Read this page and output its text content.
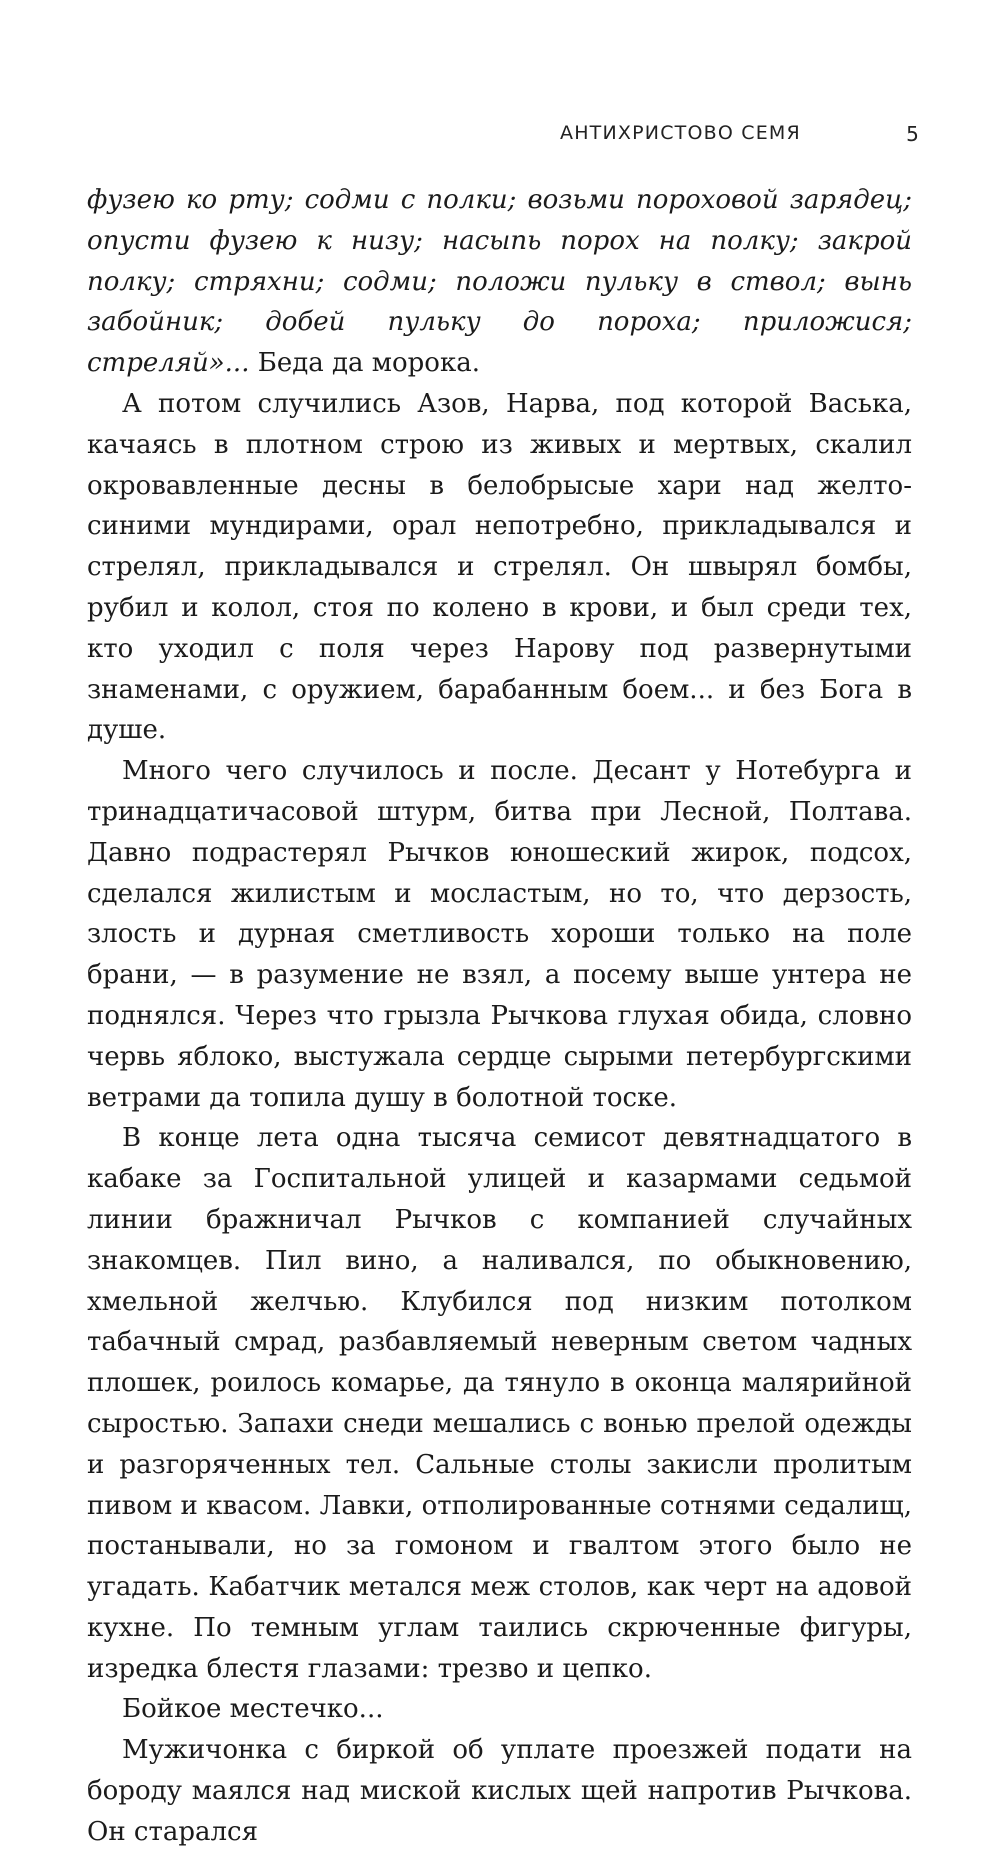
АНТИХРИСТОВО СЕМЯ	5

фузею ко рту; содми с полки; возьми пороховой зарядец; опусти фузею к низу; насыпь порох на полку; закрой полку; стряхни; содми; положи пульку в ствол; вынь забойник; добей пульку до пороха; приложися; стреляй»... Беда да морока.

А потом случились Азов, Нарва, под которой Васька, качаясь в плотном строю из живых и мертвых, скалил окровавленные десны в белобрысые хари над желто-синими мундирами, орал непотребно, прикладывался и стрелял, прикладывался и стрелял. Он швырял бомбы, рубил и колол, стоя по колено в крови, и был среди тех, кто уходил с поля через Нарову под развернутыми знаменами, с оружием, барабанным боем... и без Бога в душе.

Много чего случилось и после. Десант у Нотебурга и тринадцатичасовой штурм, битва при Лесной, Полтава. Давно подрастерял Рычков юношеский жирок, подсох, сделался жилистым и мосластым, но то, что дерзость, злость и дурная сметливость хороши только на поле брани, — в разумение не взял, а посему выше унтера не поднялся. Через что грызла Рычкова глухая обида, словно червь яблоко, выстужала сердце сырыми петербургскими ветрами да топила душу в болотной тоске.

В конце лета одна тысяча семисот девятнадцатого в кабаке за Госпитальной улицей и казармами седьмой линии бражничал Рычков с компанией случайных знакомцев. Пил вино, а наливался, по обыкновению, хмельной желчью. Клубился под низким потолком табачный смрад, разбавляемый неверным светом чадных плошек, роилось комарье, да тянуло в оконца малярийной сыростью. Запахи снеди мешались с вонью прелой одежды и разгоряченных тел. Сальные столы закисли пролитым пивом и квасом. Лавки, отполированные сотнями седалищ, постанывали, но за гомоном и гвалтом этого было не угадать. Кабатчик метался меж столов, как черт на адовой кухне. По темным углам таились скрюченные фигуры, изредка блестя глазами: трезво и цепко.

Бойкое местечко...

Мужичонка с биркой об уплате проезжей подати на бороду маялся над миской кислых щей напротив Рычкова. Он старался
